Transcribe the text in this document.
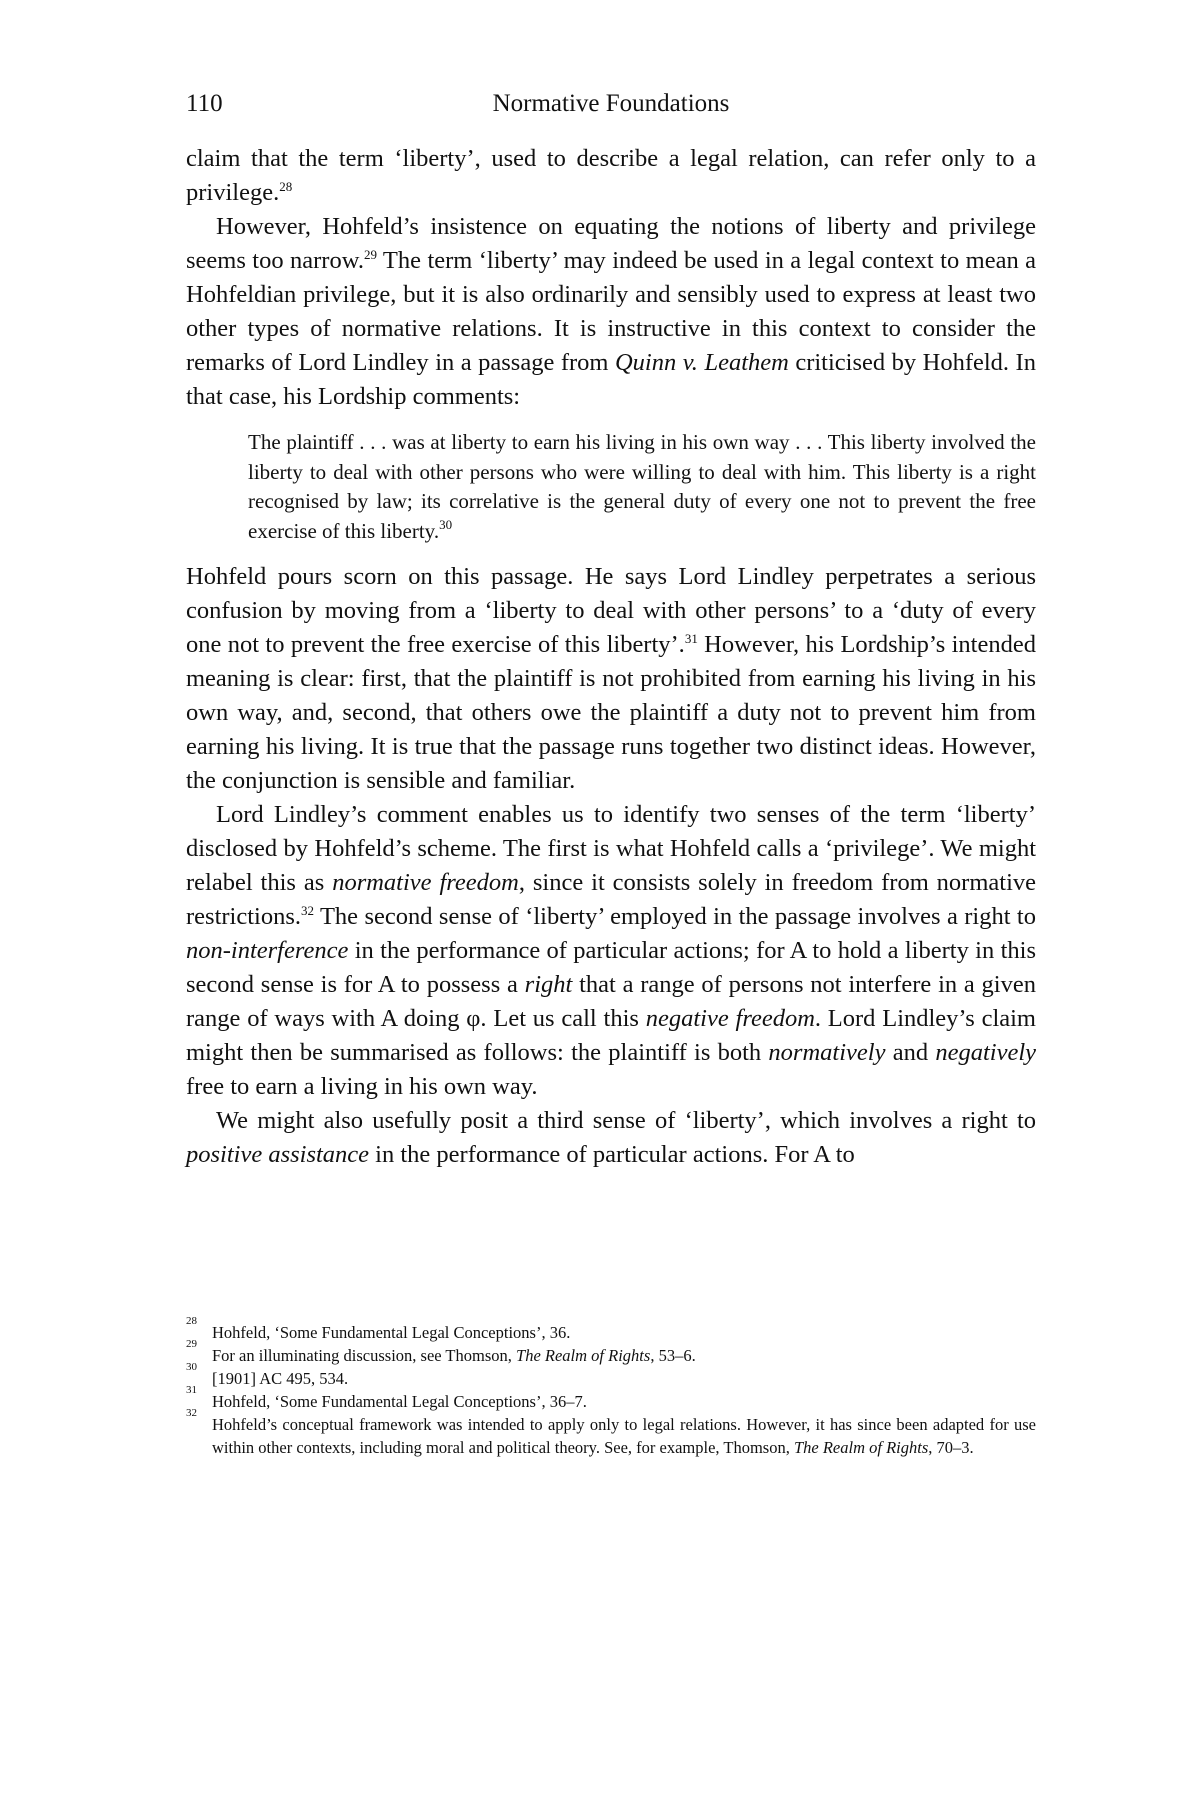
110	Normative Foundations

claim that the term ‘liberty’, used to describe a legal relation, can refer only to a privilege.$^{28}$

However, Hohfeld’s insistence on equating the notions of liberty and privilege seems too narrow.$^{29}$ The term ‘liberty’ may indeed be used in a legal context to mean a Hohfeldian privilege, but it is also ordinarily and sensibly used to express at least two other types of normative relations. It is instructive in this context to consider the remarks of Lord Lindley in a passage from Quinn v. Leathem criticised by Hohfeld. In that case, his Lordship comments:

The plaintiff . . . was at liberty to earn his living in his own way . . . This liberty involved the liberty to deal with other persons who were willing to deal with him. This liberty is a right recognised by law; its correlative is the general duty of every one not to prevent the free exercise of this liberty.$^{30}$

Hohfeld pours scorn on this passage. He says Lord Lindley perpetrates a serious confusion by moving from a ‘liberty to deal with other persons’ to a ‘duty of every one not to prevent the free exercise of this liberty’.$^{31}$ However, his Lordship’s intended meaning is clear: first, that the plaintiff is not prohibited from earning his living in his own way, and, second, that others owe the plaintiff a duty not to prevent him from earning his living. It is true that the passage runs together two distinct ideas. However, the conjunction is sensible and familiar.

Lord Lindley’s comment enables us to identify two senses of the term ‘liberty’ disclosed by Hohfeld’s scheme. The first is what Hohfeld calls a ‘privilege’. We might relabel this as normative freedom, since it consists solely in freedom from normative restrictions.$^{32}$ The second sense of ‘liberty’ employed in the passage involves a right to non-interference in the performance of particular actions; for A to hold a liberty in this second sense is for A to possess a right that a range of persons not interfere in a given range of ways with A doing φ. Let us call this negative freedom. Lord Lindley’s claim might then be summarised as follows: the plaintiff is both normatively and negatively free to earn a living in his own way.

We might also usefully posit a third sense of ‘liberty’, which involves a right to positive assistance in the performance of particular actions. For A to

28
Hohfeld, ‘Some Fundamental Legal Conceptions’, 36.
29
For an illuminating discussion, see Thomson, The Realm of Rights, 53–6.
30
[1901] AC 495, 534.
31
Hohfeld, ‘Some Fundamental Legal Conceptions’, 36–7.
32
Hohfeld’s conceptual framework was intended to apply only to legal relations. However, it has since been adapted for use within other contexts, including moral and political theory. See, for example, Thomson, The Realm of Rights, 70–3.
